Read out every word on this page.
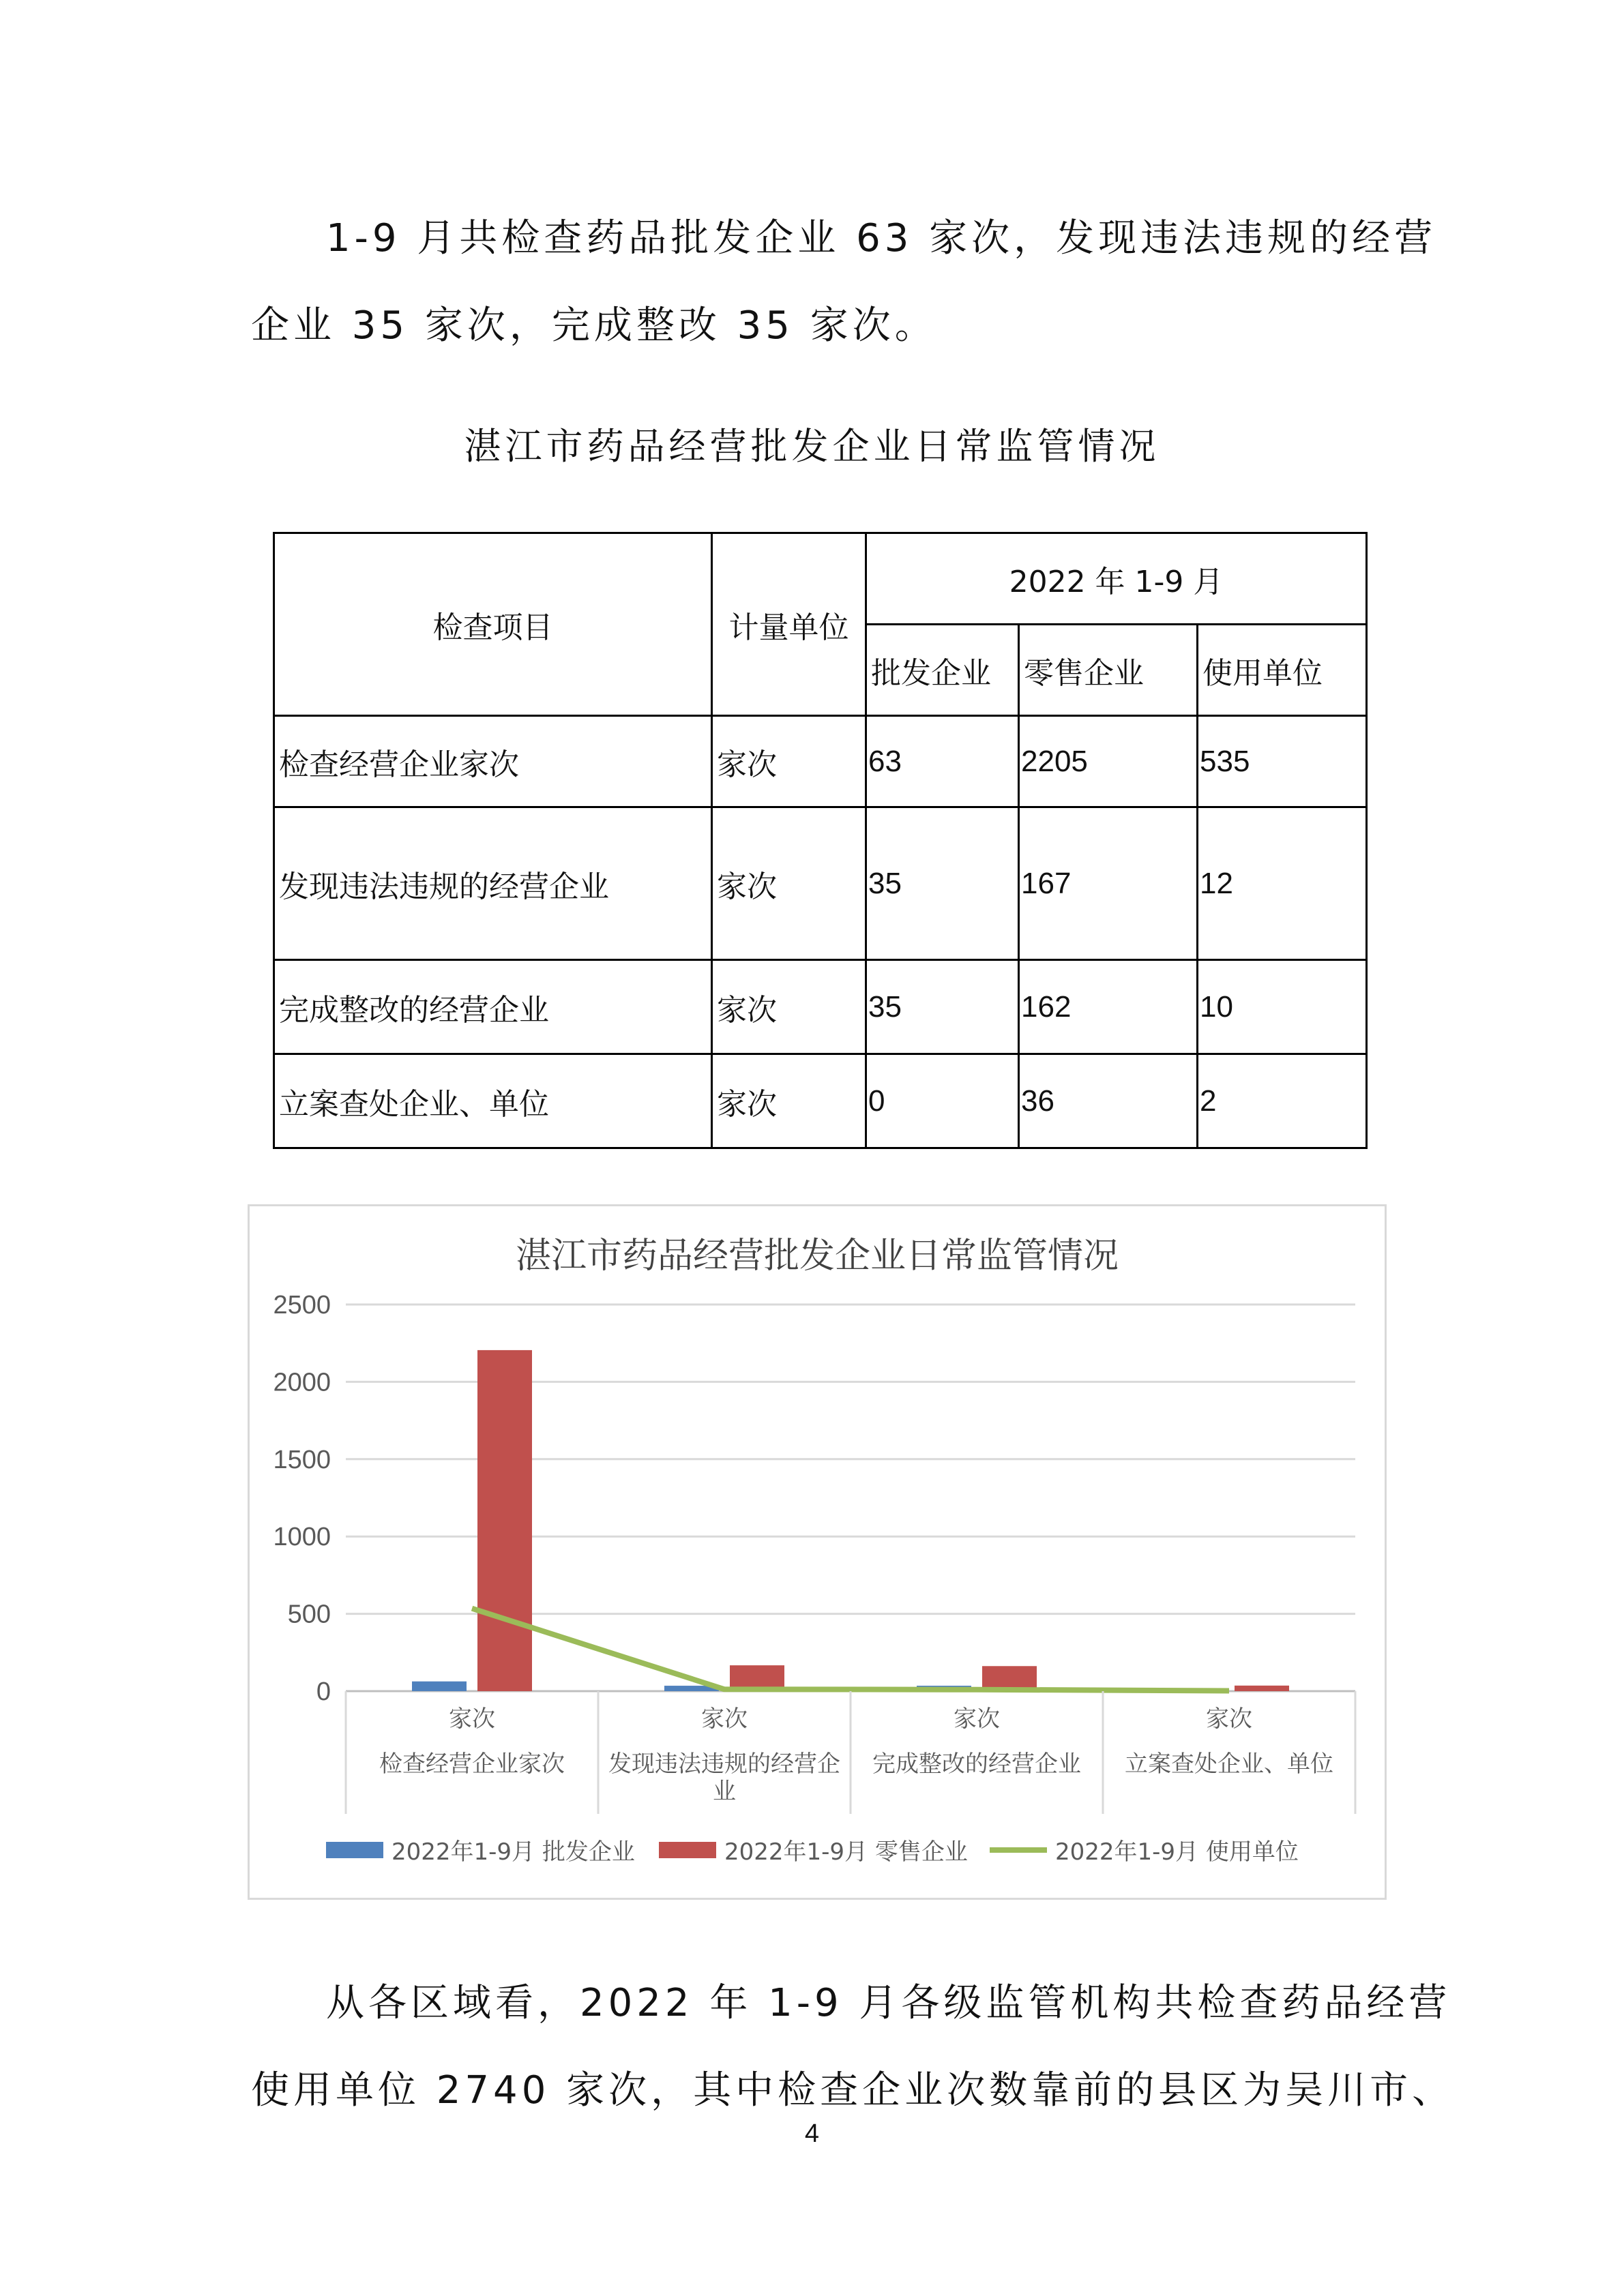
1-9 月共检查药品批发企业 63 家次，发现违法违规的经营
企业 35 家次，完成整改 35 家次。

湛江市药品经营批发企业日常监管情况
检查项目	计量单位	2022 年 1-9 月		
		批发企业	零售企业	使用单位
检查经营企业家次	家次	63	2205	535
发现违法违规的经营企业	家次	35	167	12
完成整改的经营企业	家次	35	162	10
立案查处企业、单位	家次	0	36	2
湛江市药品经营批发企业日常监管情况
0
500
1000
1500
2000
2500
家次
检查经营企业家次
家次
发现违法违规的经营企
业
家次
完成整改的经营企业
家次
立案查处企业、单位
2022年1-9月 批发企业	2022年1-9月 零售企业	2022年1-9月 使用单位

从各区域看，2022 年 1-9 月各级监管机构共检查药品经营
使用单位 2740 家次，其中检查企业次数靠前的县区为吴川市、

4
